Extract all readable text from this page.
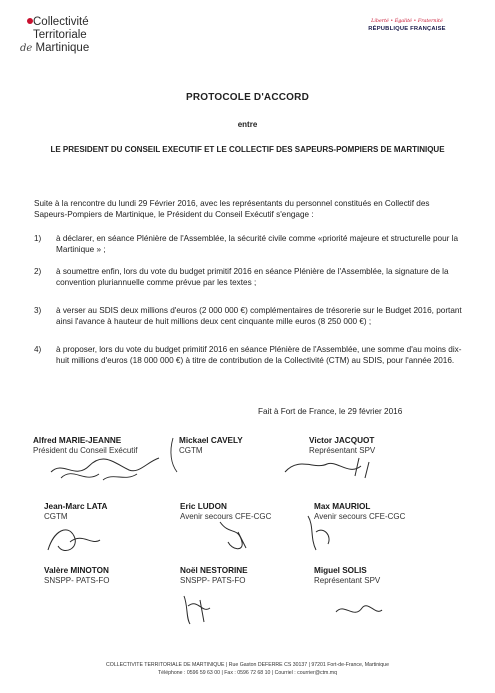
Collectivité
Territoriale
de Martinique
Liberté • Égalité • Fraternité
RÉPUBLIQUE FRANÇAISE
PROTOCOLE D'ACCORD
entre
LE PRESIDENT DU CONSEIL EXECUTIF ET LE COLLECTIF DES SAPEURS-POMPIERS DE MARTINIQUE
Suite à la rencontre du lundi 29 Février 2016, avec les représentants du personnel constitués en Collectif des Sapeurs-Pompiers de Martinique, le Président du Conseil Exécutif s'engage :
1)	à déclarer, en séance Plénière de l'Assemblée, la sécurité civile comme «priorité majeure et structurelle pour la Martinique » ;
2)	à soumettre enfin, lors du vote du budget primitif 2016 en séance Plénière de l'Assemblée, la signature de la convention pluriannuelle comme prévue par les textes ;
3)	à verser au SDIS deux millions d'euros (2 000 000 €) complémentaires de trésorerie sur le Budget 2016, portant ainsi l'avance à hauteur de huit millions deux cent cinquante mille euros (8 250 000 €) ;
4)	à proposer, lors du vote du budget primitif 2016 en séance Plénière de l'Assemblée, une somme d'au moins dix-huit millions d'euros (18 000 000 €) à titre de contribution de la Collectivité (CTM) au SDIS, pour l'année 2016.
Fait à Fort de France, le 29 février 2016
Alfred MARIE-JEANNE
Président du Conseil Exécutif
Mickael CAVELY
CGTM
Victor JACQUOT
Représentant SPV
Jean-Marc LATA
CGTM
Eric LUDON
Avenir secours CFE-CGC
Max MAURIOL
Avenir secours CFE-CGC
Valère MINOTON
SNSPP- PATS-FO
Noël NESTORINE
SNSPP- PATS-FO
Miguel SOLIS
Représentant SPV
COLLECTIVITE TERRITORIALE DE MARTINIQUE | Rue Gaston DEFERRE CS 30137 | 97201 Fort-de-France, Martinique
Téléphone : 0596 59 63 00 | Fax : 0596 72 68 10 | Courriel : courrier@ctm.mq
